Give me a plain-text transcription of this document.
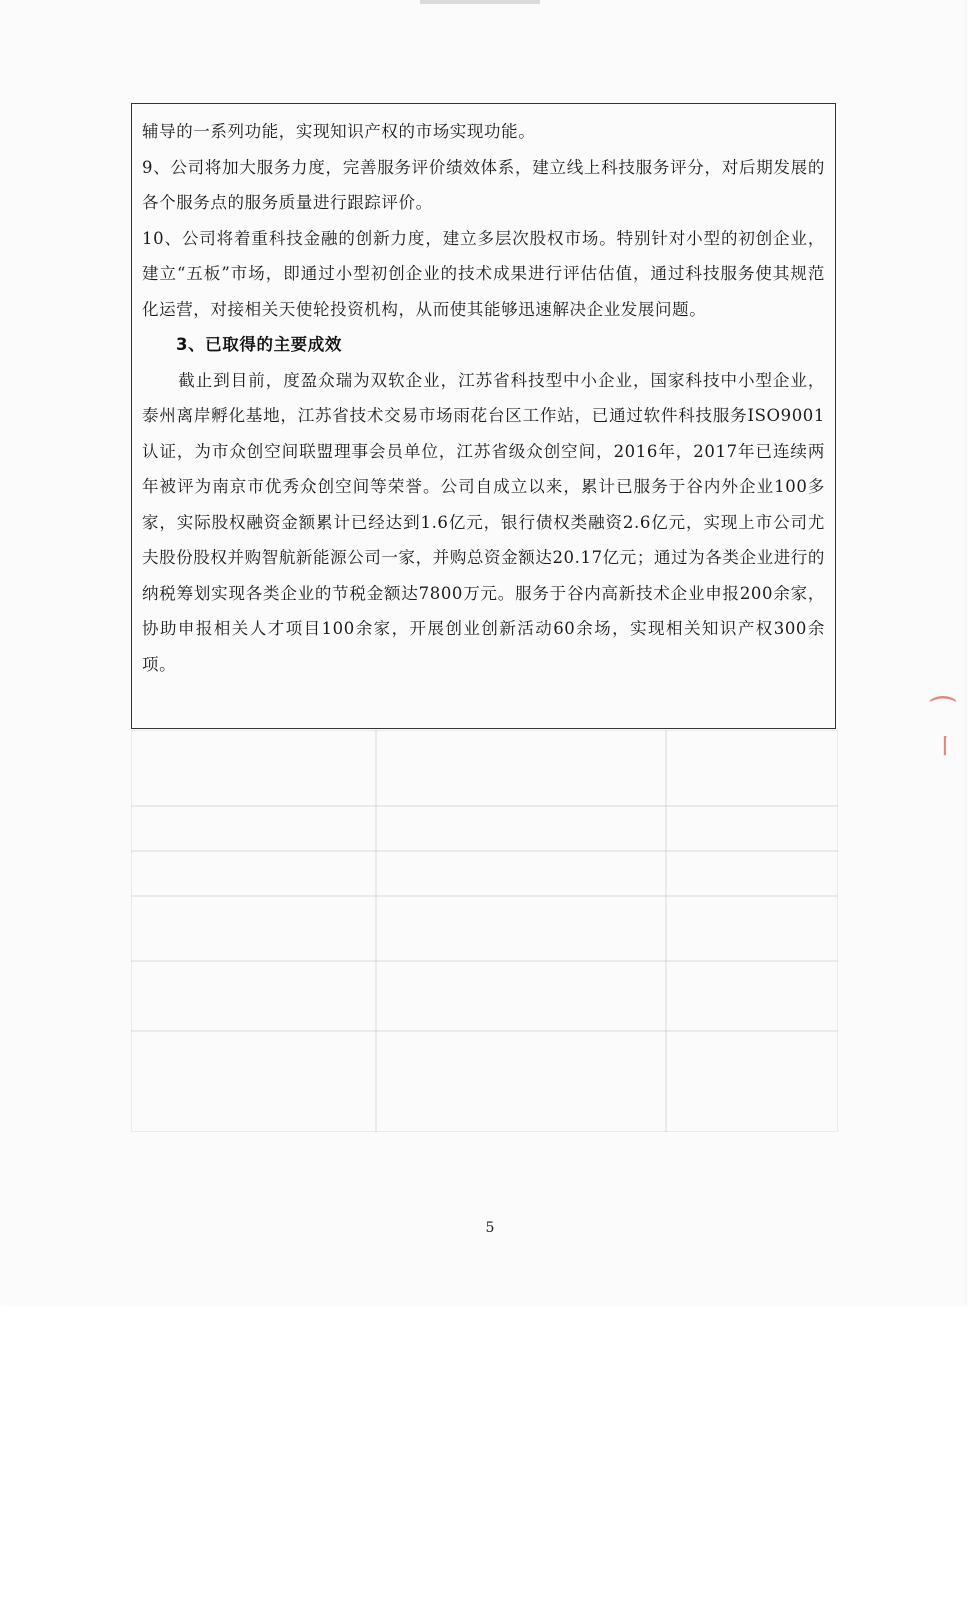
⌒
丨

辅导的一系列功能，实现知识产权的市场实现功能。

9、公司将加大服务力度，完善服务评价绩效体系，建立线上科技服务评分，对后期发展的各个服务点的服务质量进行跟踪评价。

10、公司将着重科技金融的创新力度，建立多层次股权市场。特别针对小型的初创企业，建立“五板”市场，即通过小型初创企业的技术成果进行评估估值，通过科技服务使其规范化运营，对接相关天使轮投资机构，从而使其能够迅速解决企业发展问题。

3、已取得的主要成效

截止到目前，度盈众瑞为双软企业，江苏省科技型中小企业，国家科技中小型企业，泰州离岸孵化基地，江苏省技术交易市场雨花台区工作站，已通过软件科技服务ISO9001认证，为市众创空间联盟理事会员单位，江苏省级众创空间，2016年，2017年已连续两年被评为南京市优秀众创空间等荣誉。公司自成立以来，累计已服务于谷内外企业100多家，实际股权融资金额累计已经达到1.6亿元，银行债权类融资2.6亿元，实现上市公司尤夫股份股权并购智航新能源公司一家，并购总资金额达20.17亿元；通过为各类企业进行的纳税筹划实现各类企业的节税金额达7800万元。服务于谷内高新技术企业申报200余家，协助申报相关人才项目100余家，开展创业创新活动60余场，实现相关知识产权300余项。

5
